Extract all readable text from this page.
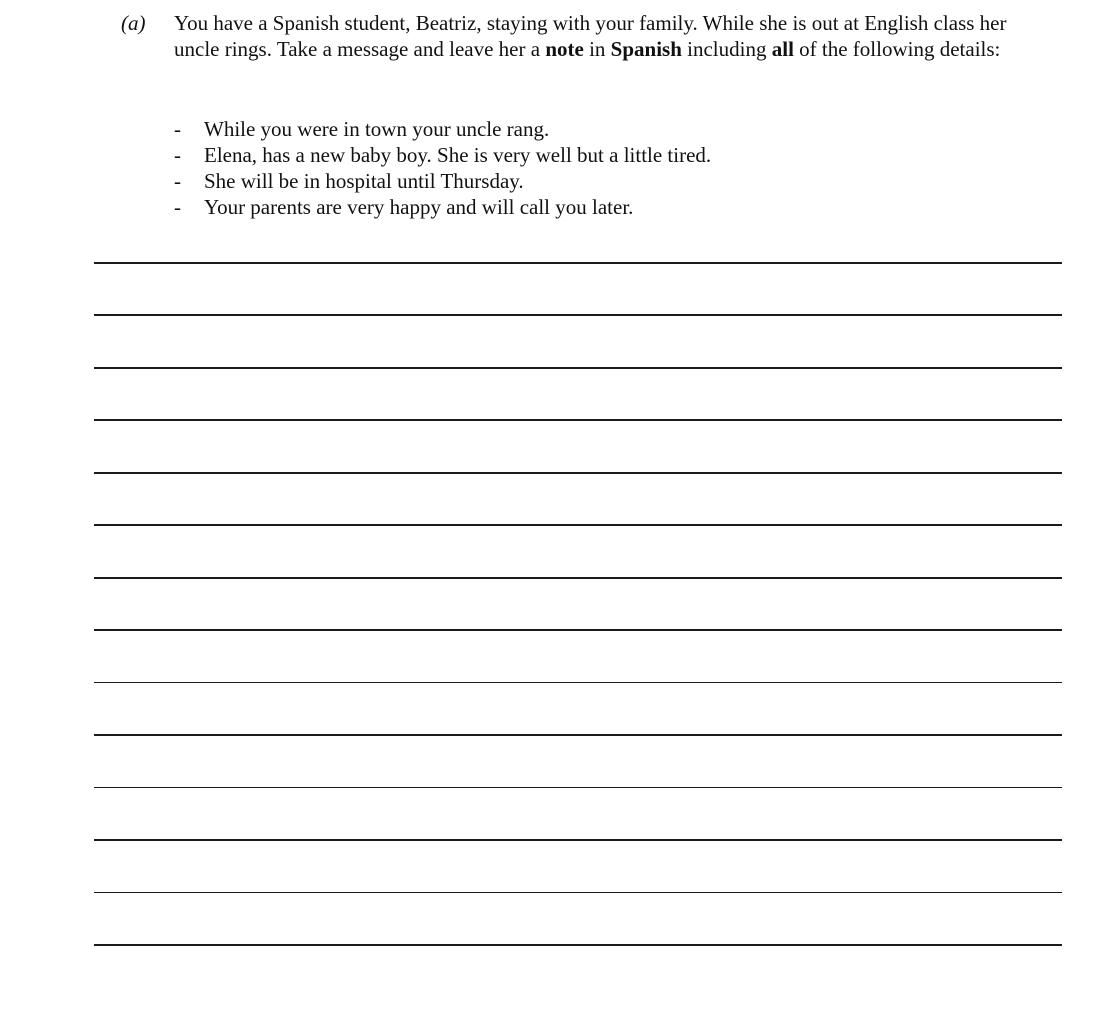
(a) You have a Spanish student, Beatriz, staying with your family. While she is out at English class her uncle rings. Take a message and leave her a note in Spanish including all of the following details:
- While you were in town your uncle rang.
- Elena, has a new baby boy. She is very well but a little tired.
- She will be in hospital until Thursday.
- Your parents are very happy and will call you later.
